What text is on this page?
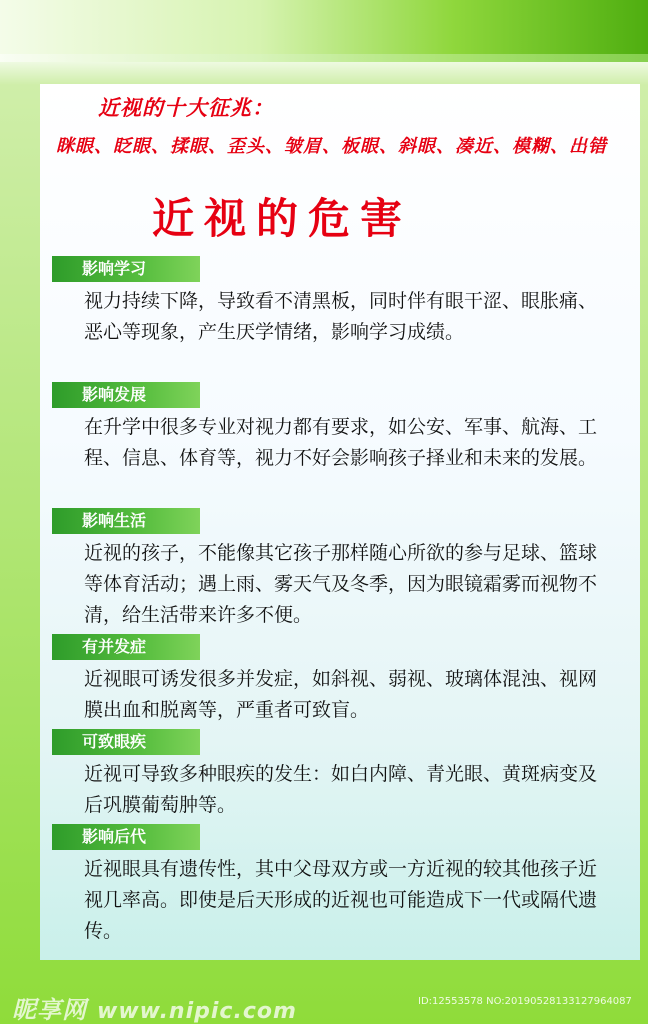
近视的十大征兆：
眯眼、眨眼、揉眼、歪头、皱眉、板眼、斜眼、凑近、模糊、出错
近视的危害
影响学习
视力持续下降，导致看不清黑板，同时伴有眼干涩、眼胀痛、恶心等现象，产生厌学情绪，影响学习成绩。
影响发展
在升学中很多专业对视力都有要求，如公安、军事、航海、工程、信息、体育等，视力不好会影响孩子择业和未来的发展。
影响生活
近视的孩子，不能像其它孩子那样随心所欲的参与足球、篮球等体育活动；遇上雨、雾天气及冬季，因为眼镜霜雾而视物不清，给生活带来许多不便。
有并发症
近视眼可诱发很多并发症，如斜视、弱视、玻璃体混浊、视网膜出血和脱离等，严重者可致盲。
可致眼疾
近视可导致多种眼疾的发生：如白内障、青光眼、黄斑病变及后巩膜葡萄肿等。
影响后代
近视眼具有遗传性，其中父母双方或一方近视的较其他孩子近视几率高。即使是后天形成的近视也可能造成下一代或隔代遗传。
昵享网 www.nipic.com	ID:12553578 NO:20190528133127964087
